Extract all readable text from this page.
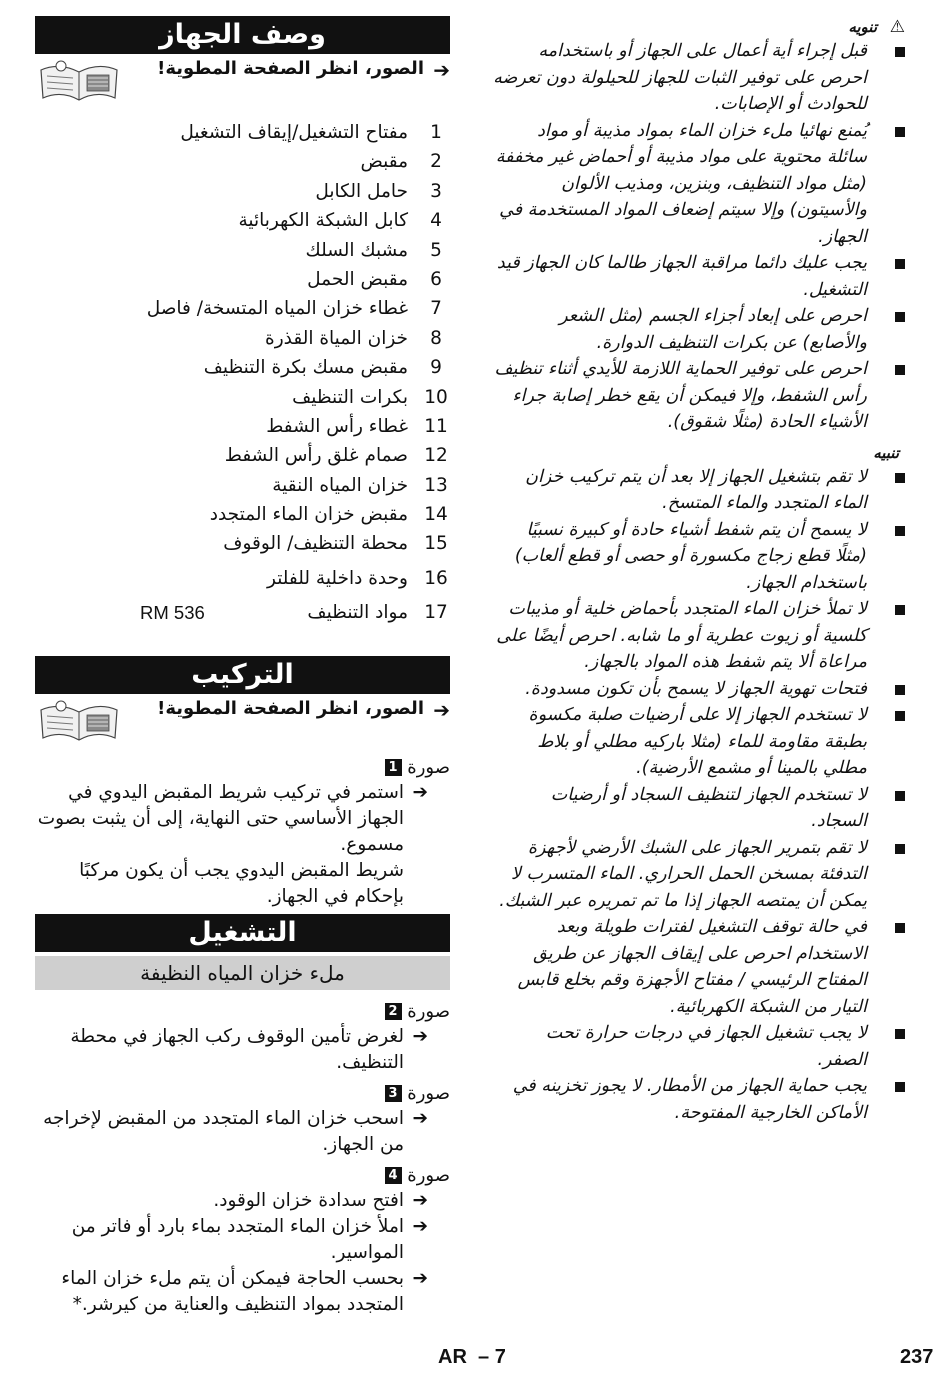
وصف الجهاز
➔
الصور، انظر الصفحة المطوية!
1
مفتاح التشغيل/إيقاف التشغيل
2
مقبض
3
حامل الكابل
4
كابل الشبكة الكهربائية
5
مشبك السلك
6
مقبض الحمل
7
غطاء خزان المياه المتسخة/ فاصل
8
خزان المياة القذرة
9
مقبض مسك بكرة التنظيف
10
بكرات التنظيف
11
غطاء رأس الشفط
12
صمام غلق رأس الشفط
13
خزان المياه النقية
14
مقبض خزان الماء المتجدد
15
محطة التنظيف/ الوقوف
16
وحدة داخلية للفلتر
17
مواد التنظيف
RM 536
التركيب
➔
الصور، انظر الصفحة المطوية!
صورة 1
➔
استمر في تركيب شريط المقبض اليدوي في الجهاز الأساسي حتى النهاية، إلى أن يثبت بصوت مسموع.
شريط المقبض اليدوي يجب أن يكون مركبًا بإحكام في الجهاز.
التشغيل
ملء خزان المياه النظيفة
صورة 2
➔
لغرض تأمين الوقوف ركب الجهاز في محطة التنظيف.
صورة 3
➔
اسحب خزان الماء المتجدد من المقبض لإخراجه من الجهاز.
صورة 4
➔
افتح سدادة خزان الوقود.
➔
املأ خزان الماء المتجدد بماء بارد أو فاتر من المواسير.
➔
بحسب الحاجة فيمكن أن يتم ملء خزان الماء المتجدد بمواد التنظيف والعناية من كيرشر.*
⚠
تنويه
قبل إجراء أية أعمال على الجهاز أو باستخدامه احرص على توفير الثبات للجهاز للحيلولة دون تعرضه للحوادث أو الإصابات.
يُمنع نهائيا ملء خزان الماء بمواد مذيبة أو مواد سائلة محتوية على مواد مذيبة أو أحماض غير مخففة (مثل مواد التنظيف، وبنزين، ومذيب الألوان والأسيتون) وإلا سيتم إضعاف المواد المستخدمة في الجهاز.
يجب عليك دائما مراقبة الجهاز طالما كان الجهاز قيد التشغيل.
احرص على إبعاد أجزاء الجسم (مثل الشعر والأصابع) عن بكرات التنظيف الدوارة.
احرص على توفير الحماية اللازمة للأيدي أثناء تنظيف رأس الشفط، وإلا فيمكن أن يقع خطر إصابة جراء الأشياء الحادة (مثلًا شقوق).
تنبيه
لا تقم بتشغيل الجهاز إلا بعد أن يتم تركيب خزان الماء المتجدد والماء المتسخ.
لا يسمح أن يتم شفط أشياء حادة أو كبيرة نسبيًا (مثلًا قطع زجاج مكسورة أو حصى أو قطع ألعاب) باستخدام الجهاز.
لا تملأ خزان الماء المتجدد بأحماض خلية أو مذيبات كلسية أو زيوت عطرية أو ما شابه. احرص أيضًا على مراعاة ألا يتم شفط هذه المواد بالجهاز.
فتحات تهوية الجهاز لا يسمح بأن تكون مسدودة.
لا تستخدم الجهاز إلا على أرضيات صلبة مكسوة بطبقة مقاومة للماء (مثلا باركيه مطلي أو بلاط مطلي بالمينا أو مشمع الأرضية).
لا تستخدم الجهاز لتنظيف السجاد أو أرضيات السجاد.
لا تقم بتمرير الجهاز على الشبك الأرضي لأجهزة التدفئة بمسخن الحمل الحراري. الماء المتسرب لا يمكن أن يمتصه الجهاز إذا ما تم تمريره عبر الشبك.
في حالة توقف التشغيل لفترات طويلة وبعد الاستخدام احرص على إيقاف الجهاز عن طريق المفتاح الرئيسي / مفتاح الأجهزة وقم بخلع قابس التيار من الشبكة الكهربائية.
لا يجب تشغيل الجهاز في درجات حرارة تحت الصفر.
يجب حماية الجهاز من الأمطار. لا يجوز تخزينه في الأماكن الخارجية المفتوحة.
AR – 7	237
